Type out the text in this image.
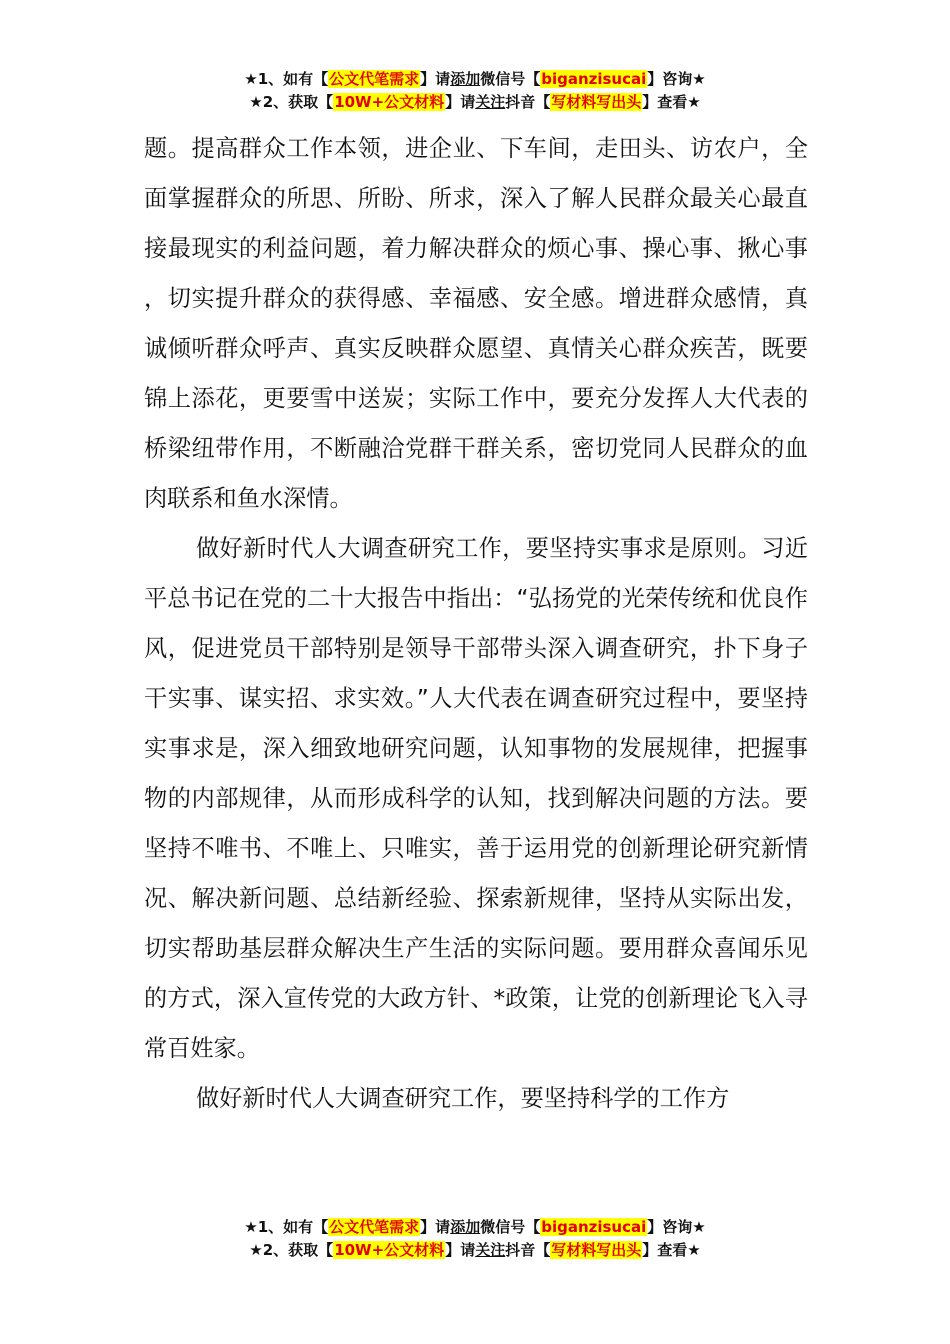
★1、如有【公文代笔需求】请添加微信号【biganzisucai】咨询★
★2、获取【10W+公文材料】请关注抖音【写材料写出头】查看★

题。提高群众工作本领，进企业、下车间，走田头、访农户，全面掌握群众的所思、所盼、所求，深入了解人民群众最关心最直接最现实的利益问题，着力解决群众的烦心事、操心事、揪心事，切实提升群众的获得感、幸福感、安全感。增进群众感情，真诚倾听群众呼声、真实反映群众愿望、真情关心群众疾苦，既要锦上添花，更要雪中送炭；实际工作中，要充分发挥人大代表的桥梁纽带作用，不断融洽党群干群关系，密切党同人民群众的血肉联系和鱼水深情。

做好新时代人大调查研究工作，要坚持实事求是原则。习近平总书记在党的二十大报告中指出：“弘扬党的光荣传统和优良作风，促进党员干部特别是领导干部带头深入调查研究，扑下身子干实事、谋实招、求实效。”人大代表在调查研究过程中，要坚持实事求是，深入细致地研究问题，认知事物的发展规律，把握事物的内部规律，从而形成科学的认知，找到解决问题的方法。要坚持不唯书、不唯上、只唯实，善于运用党的创新理论研究新情况、解决新问题、总结新经验、探索新规律，坚持从实际出发，切实帮助基层群众解决生产生活的实际问题。要用群众喜闻乐见的方式，深入宣传党的大政方针、*政策，让党的创新理论飞入寻常百姓家。

做好新时代人大调查研究工作，要坚持科学的工作方

★1、如有【公文代笔需求】请添加微信号【biganzisucai】咨询★
★2、获取【10W+公文材料】请关注抖音【写材料写出头】查看★
